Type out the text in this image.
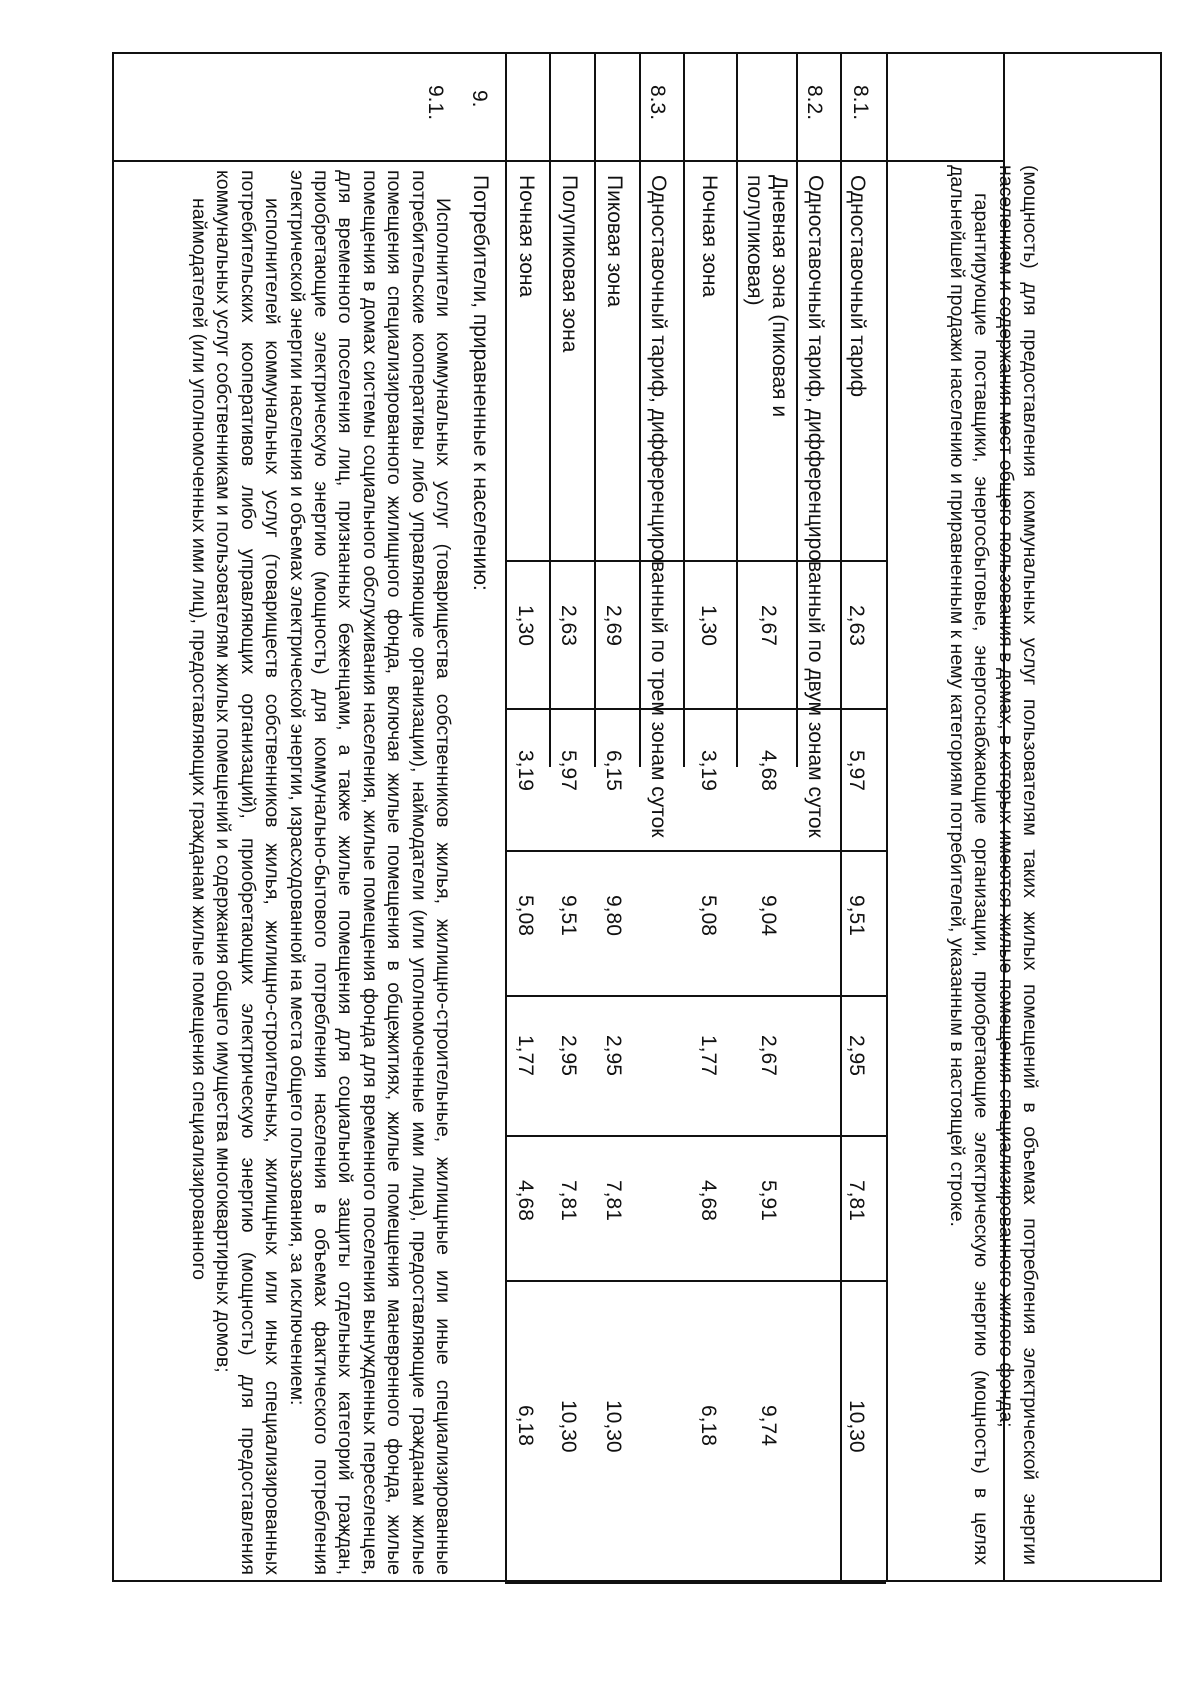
(мощность) для предоставления коммунальных услуг пользователям таких жилых помещений в объемах потребления электрической энергии населением и содержания мест общего пользования в домах, в которых имеются жилые помещения специализированного жилого фонда;

гарантирующие поставщики, энергосбытовые, энергоснабжающие организации, приобретающие электрическую энергию (мощность) в целях дальнейшей продажи населению и приравненным к нему категориям потребителей, указанным в настоящей строке.

8.1.
8.2.
8.3.
9.
9.1.
Одноставочный тариф
2,63
5,97
9,51
2,95
7,81
10,30
Одноставочный тариф, дифференцированный по двум зонам суток
Дневная зона (пиковая и
полупиковая)
2,67
4,68
9,04
2,67
5,91
9,74
Ночная зона
1,30
3,19
5,08
1,77
4,68
6,18
Одноставочный тариф, дифференцированный по трем зонам суток
Пиковая зона
2,69
6,15
9,80
2,95
7,81
10,30
Полупиковая зона
2,63
5,97
9,51
2,95
7,81
10,30
Ночная зона
1,30
3,19
5,08
1,77
4,68
6,18
Потребители, приравненные к населению:

Исполнители коммунальных услуг (товарищества собственников жилья, жилищно-строительные, жилищные или иные специализированные потребительские кооперативы либо управляющие организации), наймодатели (или уполномоченные ими лица), предоставляющие гражданам жилые помещения специализированного жилищного фонда, включая жилые помещения в общежитиях, жилые помещения маневренного фонда, жилые помещения в домах системы социального обслуживания населения, жилые помещения фонда для временного поселения вынужденных переселенцев, для временного поселения лиц, признанных беженцами, а также жилые помещения для социальной защиты отдельных категорий граждан, приобретающие электрическую энергию (мощность) для коммунально-бытового потребления населения в объемах фактического потребления электрической энергии населения и объемах электрической энергии, израсходованной на места общего пользования, за исключением:

исполнителей коммунальных услуг (товариществ собственников жилья, жилищно-строительных, жилищных или иных специализированных потребительских кооперативов либо управляющих организаций), приобретающих электрическую энергию (мощность) для предоставления коммунальных услуг собственникам и пользователям жилых помещений и содержания общего имущества многоквартирных домов;

наймодателей (или уполномоченных ими лиц), предоставляющих гражданам жилые помещения специализированного
